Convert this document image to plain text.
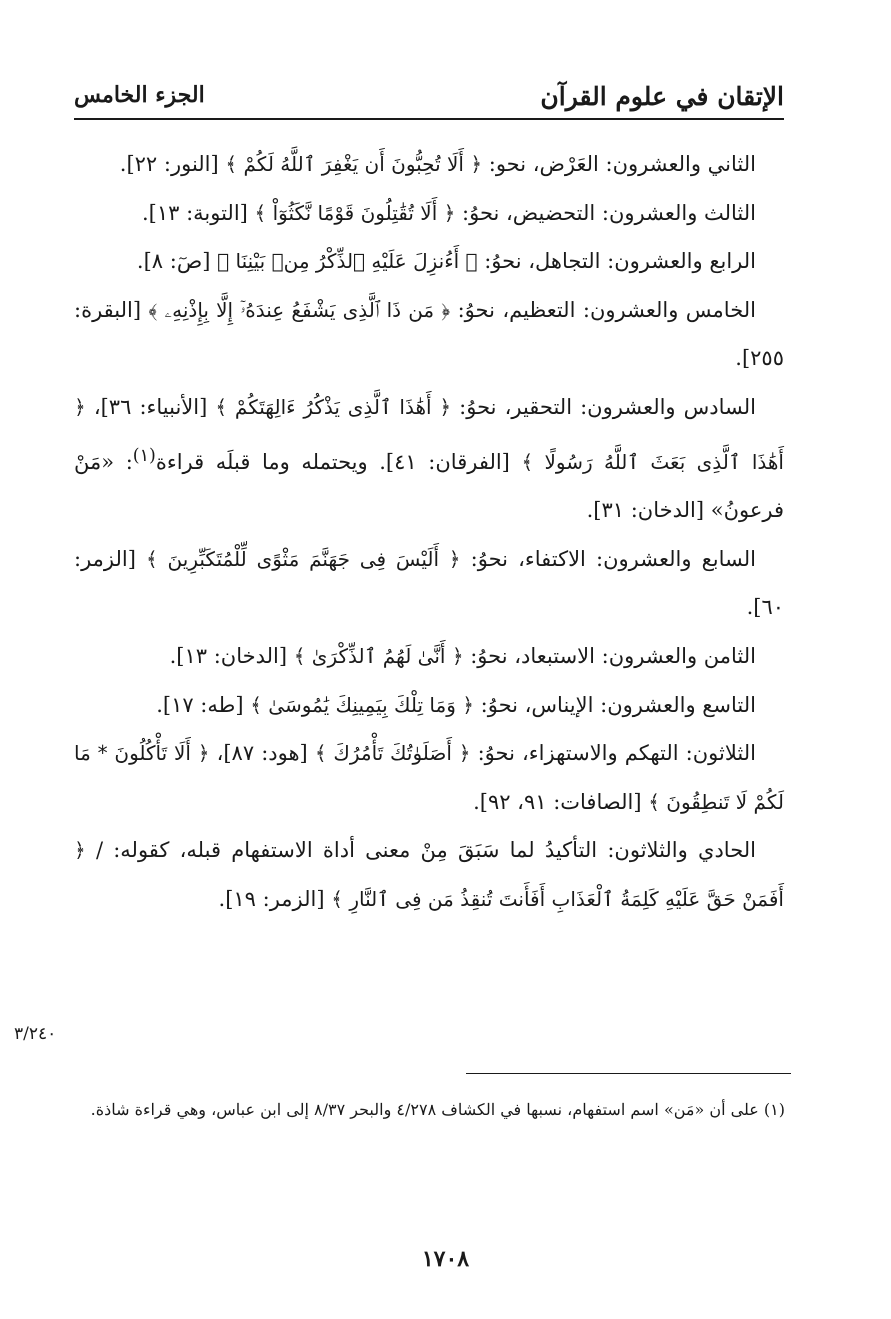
الإتقان في علوم القرآن
الجزء الخامس

الثاني والعشرون: العَرْض، نحو: ﴿ أَلَا تُحِبُّونَ أَن يَغْفِرَ ٱللَّهُ لَكُمْ ﴾ [النور: ٢٢].

الثالث والعشرون: التحضيض، نحوُ: ﴿ أَلَا تُقَٰتِلُونَ قَوْمًا نَّكَثُوٓاْ ﴾ [التوبة: ١٣].

الرابع والعشرون: التجاهل، نحوُ: ﴿ أَءُنزِلَ عَلَيْهِ ٱلذِّكْرُ مِنۢ بَيْنِنَا ﴾ [صٓ: ٨].

الخامس والعشرون: التعظيم، نحوُ: ﴿ مَن ذَا ٱلَّذِى يَشْفَعُ عِندَهُۥٓ إِلَّا بِإِذْنِهِۦ ﴾ [البقرة: ٢٥٥].

السادس والعشرون: التحقير، نحوُ: ﴿ أَهَٰذَا ٱلَّذِى يَذْكُرُ ءَالِهَتَكُمْ ﴾ [الأنبياء: ٣٦]، ﴿ أَهَٰذَا ٱلَّذِى بَعَثَ ٱللَّهُ رَسُولًا ﴾ [الفرقان: ٤١]. ويحتمله وما قبلَه قراءة$^{(١)}$: «مَنْ فرعونُ» [الدخان: ٣١].

السابع والعشرون: الاكتفاء، نحوُ: ﴿ أَلَيْسَ فِى جَهَنَّمَ مَثْوًى لِّلْمُتَكَبِّرِينَ ﴾ [الزمر: ٦٠].

الثامن والعشرون: الاستبعاد، نحوُ: ﴿ أَنَّىٰ لَهُمُ ٱلذِّكْرَىٰ ﴾ [الدخان: ١٣].

التاسع والعشرون: الإيناس، نحوُ: ﴿ وَمَا تِلْكَ بِيَمِينِكَ يَٰمُوسَىٰ ﴾ [طه: ١٧].

الثلاثون: التهكم والاستهزاء، نحوُ: ﴿ أَصَلَوٰتُكَ تَأْمُرُكَ ﴾ [هود: ٨٧]، ﴿ أَلَا تَأْكُلُونَ * مَا لَكُمْ لَا تَنطِقُونَ ﴾ [الصافات: ٩١، ٩٢].

الحادي والثلاثون: التأكيدُ لما سَبَقَ مِنْ معنى أداة الاستفهام قبله، كقوله: / ﴿ أَفَمَنْ حَقَّ عَلَيْهِ كَلِمَةُ ٱلْعَذَابِ أَفَأَنتَ تُنقِذُ مَن فِى ٱلنَّارِ ﴾ [الزمر: ١٩].

٣/٢٤٠
(١) على أن «مَن» اسم استفهام، نسبها في الكشاف ٤/٢٧٨ والبحر ٨/٣٧ إلى ابن عباس، وهي قراءة شاذة.
١٧٠٨
